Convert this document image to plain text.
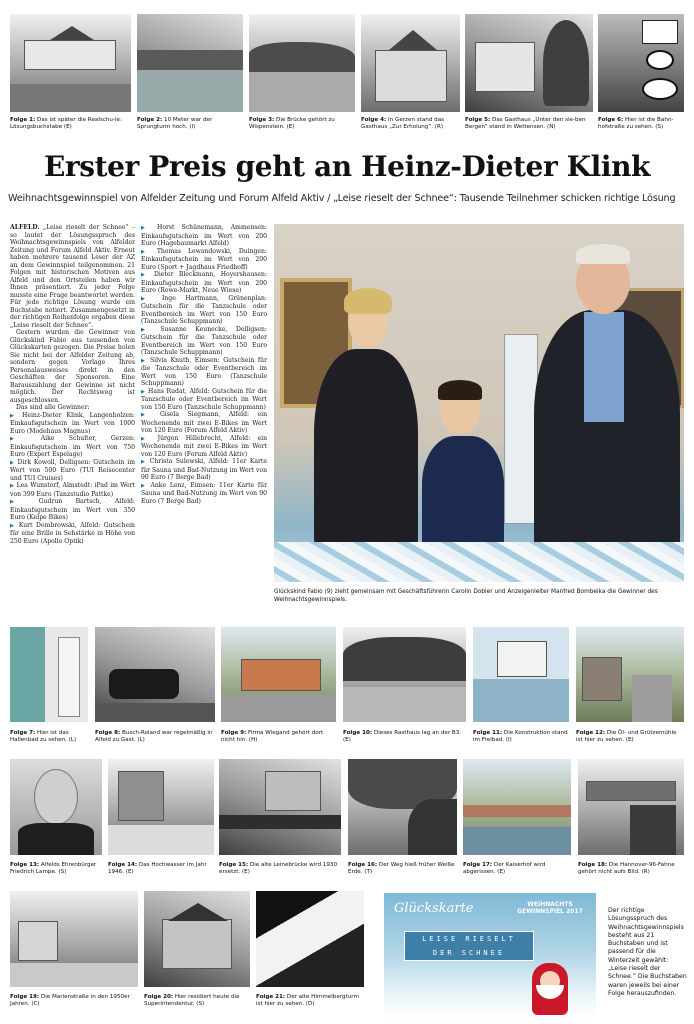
Folge 1: Das ist später die Realschu-le: Lösungsbuchstabe (E)
Folge 2: 10 Meter war der Sprungturm hoch. (I)
Folge 3: Die Brücke gehört zu Wispenstein. (E)
Folge 4: In Gerzen stand das Gasthaus „Zur Erholung“. (R)
Folge 5: Das Gasthaus „Unter den sie-ben Bergen“ stand in Wettensen. (N)
Folge 6: Hier ist die Bahn-hofstraße zu sehen. (S)
Erster Preis geht an Heinz-Dieter Klink
Weihnachtsgewinnspiel von Alfelder Zeitung und Forum Alfeld Aktiv / „Leise rieselt der Schnee“: Tausende Teilnehmer schicken richtige Lösung

ALFELD. „Leise rieselt der Schnee“ – so lautet der Lösungsspruch des Weihnachtsgewinnspiels von Alfelder Zeitung und Forum Alfeld Aktiv. Erneut haben mehrere tausend Leser der AZ an dem Gewinnspiel teilgenommen. 21 Folgen mit historischen Motiven aus Alfeld und den Ortsteilen haben wir Ihnen präsentiert. Zu jeder Folge musste eine Frage beantwortet werden. Für jede richtige Lösung wurde ein Buchstabe notiert. Zusammengesetzt in der richtigen Reihenfolge ergaben diese „Leise rieselt der Schnee“.

Gestern wurden die Gewinner von Glückskind Fabio aus tausenden von Glückskarten gezogen. Die Preise holen Sie nicht bei der Alfelder Zeitung ab, sondern gegen Vorlage Ihres Personalausweises direkt in den Geschäften der Sponsoren. Eine Barauszahlung der Gewinne ist nicht möglich. Der Rechtsweg ist ausgeschlossen.

Das sind alle Gewinner:

▶ Heinz-Dieter Klink, Langenholzen: Einkaufsgutschein im Wert von 1000 Euro (Modehaus Magnus)

▶ Aike Schulter, Gerzen: Einkaufsgutschein im Wert von 750 Euro (Expert Espelage)

▶ Dirk Kowoll, Delligsen: Gutschein im Wert von 500 Euro (TUI Reisecenter und TUI Cruises)

▶ Lea Wunstorf, Almstedt: iPad im Wert von 399 Euro (Tanzstudio Pattke)

▶ Gudrun Bartsch, Alfeld: Einkaufsgutschein im Wert von 350 Euro (Kelpe Bikes)

▶ Kurt Dombrowski, Alfeld: Gutschein für eine Brille in Sehstärke in Höhe von 250 Euro (Apollo Optik)

▶ Horst Schünemann, Ammensen: Einkaufsgutschein im Wert von 200 Euro (Hagebaumarkt Alfeld)

▶ Thomas Lewandowski, Duingen: Einkaufsgutschein im Wert von 200 Euro (Sport + Jagdhaus Friedhoff)

▶ Dieter Bleckmann, Hoyershausen: Einkaufsgutschein im Wert von 200 Euro (Rewe-Markt, Neue Wiese)

▶ Inge Hartmann, Grünenplan: Gutschein für die Tanzschule oder Eventbereich im Wert von 150 Euro (Tanzschule Schuppmann)

▶ Susanne Keunecke, Delligsen: Gutschein für die Tanzschule oder Eventbereich im Wert von 150 Euro (Tanzschule Schuppmann)

▶ Silvia Knuth, Eimsen: Gutschein für die Tanzschule oder Eventbereich im Wert von 150 Euro (Tanzschule Schuppmann)

▶ Hans Rudat, Alfeld: Gutschein für die Tanzschule oder Eventbereich im Wert von 150 Euro (Tanzschule Schuppmann)

▶ Gisela Siegmann, Alfeld: ein Wochenende mit zwei E-Bikes im Wert von 120 Euro (Forum Alfeld Aktiv)

▶ Jürgen Hillebrecht, Alfeld: ein Wochenende mit zwei E-Bikes im Wert von 120 Euro (Forum Alfeld Aktiv)

▶ Christa Sulewski, Alfeld: 11er Karte für Sauna und Bad-Nutzung im Wert von 90 Euro (7 Berge Bad)

▶ Anke Lenz, Eimsen: 11er Karte für Sauna und Bad-Nutzung im Wert von 90 Euro (7 Berge Bad)

Glückskind Fabio (9) zieht gemeinsam mit Geschäftsführerin Carolin Dobler und Anzeigenleiter Manfred Bombeika die Gewinner des Weihnachtsgewinnspiels.
Folge 7: Hier ist das Hallenbad zu sehen. (L)
Folge 8: Busch-Roland war regelmäßig in Alfeld zu Gast. (L)
Folge 9: Firma Wiegand gehört dort nicht hin. (H)
Folge 10: Dieses Rasthaus lag an der B3. (E)
Folge 11: Die Konstruktion stand im Freibad. (I)
Folge 12: Die Öl- und Grützemühle ist hier zu sehen. (E)
Folge 13: Alfelds Ehrenbürger Friedrich Lampe. (S)
Folge 14: Das Hochwasser im Jahr 1946. (E)
Folge 15: Die alte Leinebrücke wird 1930 ersetzt. (E)
Folge 16: Der Weg hieß früher Weiße Erde. (T)
Folge 17: Der Kaiserhof wird abgerissen. (E)
Folge 18: Die Hannover-96-Fahne gehört nicht aufs Bild. (R)
Folge 19: Die Marienstraße in den 1950er Jahren. (C)
Folge 20: Hier residiert heute die Superintendentur. (S)
Folge 21: Der alte Himmelbergturm ist hier zu sehen. (D)
Glückskarte	WEIHNACHTS GEWINNSPIEL 2017
LEISE RIESELT
DER SCHNEE
Der richtige Lösungsspruch des Weihnachtsgewinnspiels besteht aus 21 Buchstaben und ist passend für die Winterzeit gewählt: „Leise rieselt der Schnee.“ Die Buchstaben waren jeweils bei einer Folge herauszufinden.
